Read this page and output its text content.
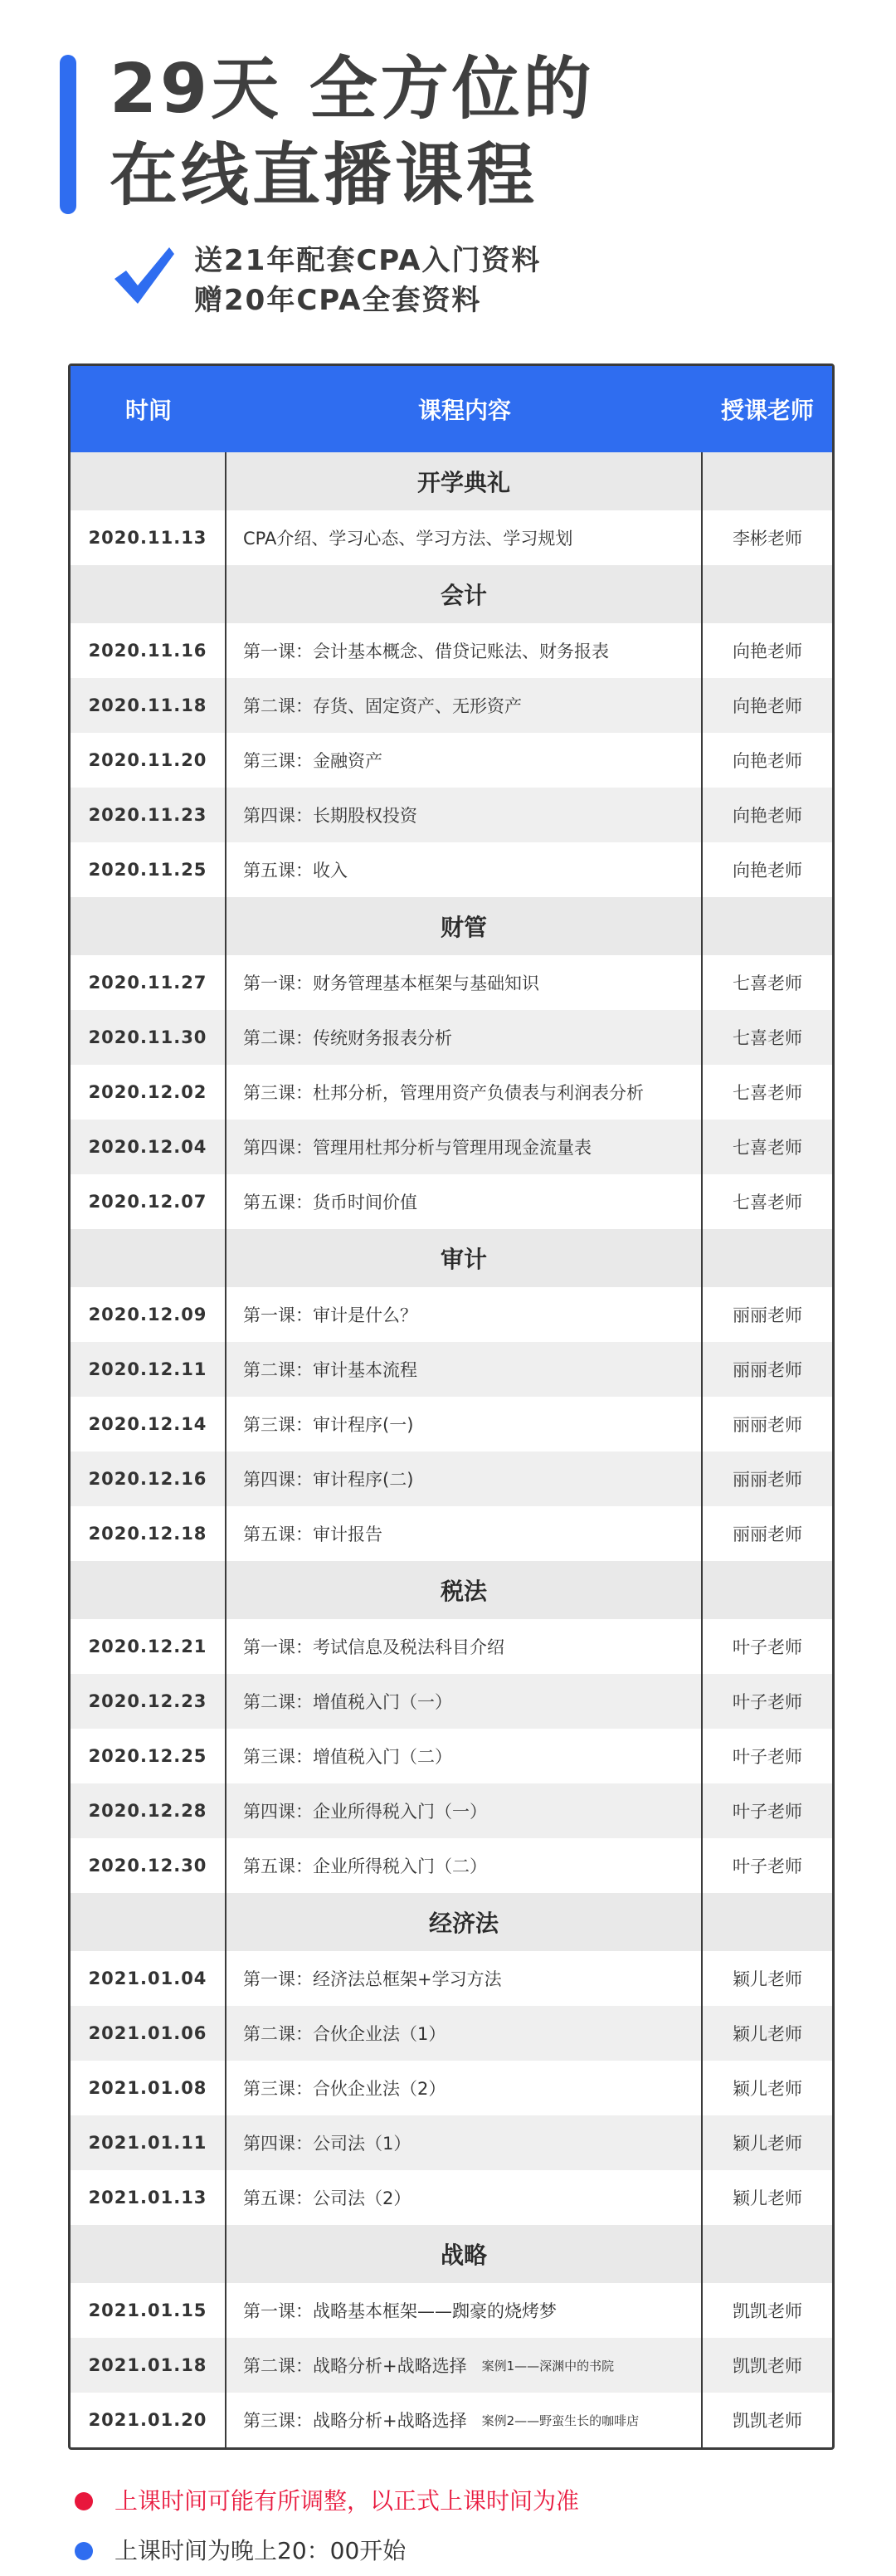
29天 全方位的
在线直播课程
送21年配套CPA入门资料
赠20年CPA全套资料
时间	课程内容	授课老师
开学典礼
2020.11.13	CPA介绍、学习心态、学习方法、学习规划	李彬老师
会计
2020.11.16	第一课：会计基本概念、借贷记账法、财务报表	向艳老师
2020.11.18	第二课：存货、固定资产、无形资产	向艳老师
2020.11.20	第三课：金融资产	向艳老师
2020.11.23	第四课：长期股权投资	向艳老师
2020.11.25	第五课：收入	向艳老师
财管
2020.11.27	第一课：财务管理基本框架与基础知识	七喜老师
2020.11.30	第二课：传统财务报表分析	七喜老师
2020.12.02	第三课：杜邦分析，管理用资产负债表与利润表分析	七喜老师
2020.12.04	第四课：管理用杜邦分析与管理用现金流量表	七喜老师
2020.12.07	第五课：货币时间价值	七喜老师
审计
2020.12.09	第一课：审计是什么？	丽丽老师
2020.12.11	第二课：审计基本流程	丽丽老师
2020.12.14	第三课：审计程序(一)	丽丽老师
2020.12.16	第四课：审计程序(二)	丽丽老师
2020.12.18	第五课：审计报告	丽丽老师
税法
2020.12.21	第一课：考试信息及税法科目介绍	叶子老师
2020.12.23	第二课：增值税入门（一）	叶子老师
2020.12.25	第三课：增值税入门（二）	叶子老师
2020.12.28	第四课：企业所得税入门（一）	叶子老师
2020.12.30	第五课：企业所得税入门（二）	叶子老师
经济法
2021.01.04	第一课：经济法总框架+学习方法	颖儿老师
2021.01.06	第二课：合伙企业法（1）	颖儿老师
2021.01.08	第三课：合伙企业法（2）	颖儿老师
2021.01.11	第四课：公司法（1）	颖儿老师
2021.01.13	第五课：公司法（2）	颖儿老师
战略
2021.01.15	第一课：战略基本框架——踟豪的烧烤梦	凯凯老师
2021.01.18	第二课：战略分析+战略选择 案例1——深渊中的书院	凯凯老师
2021.01.20	第三课：战略分析+战略选择 案例2——野蛮生长的咖啡店	凯凯老师
上课时间可能有所调整，以正式上课时间为准
上课时间为晚上20：00开始
